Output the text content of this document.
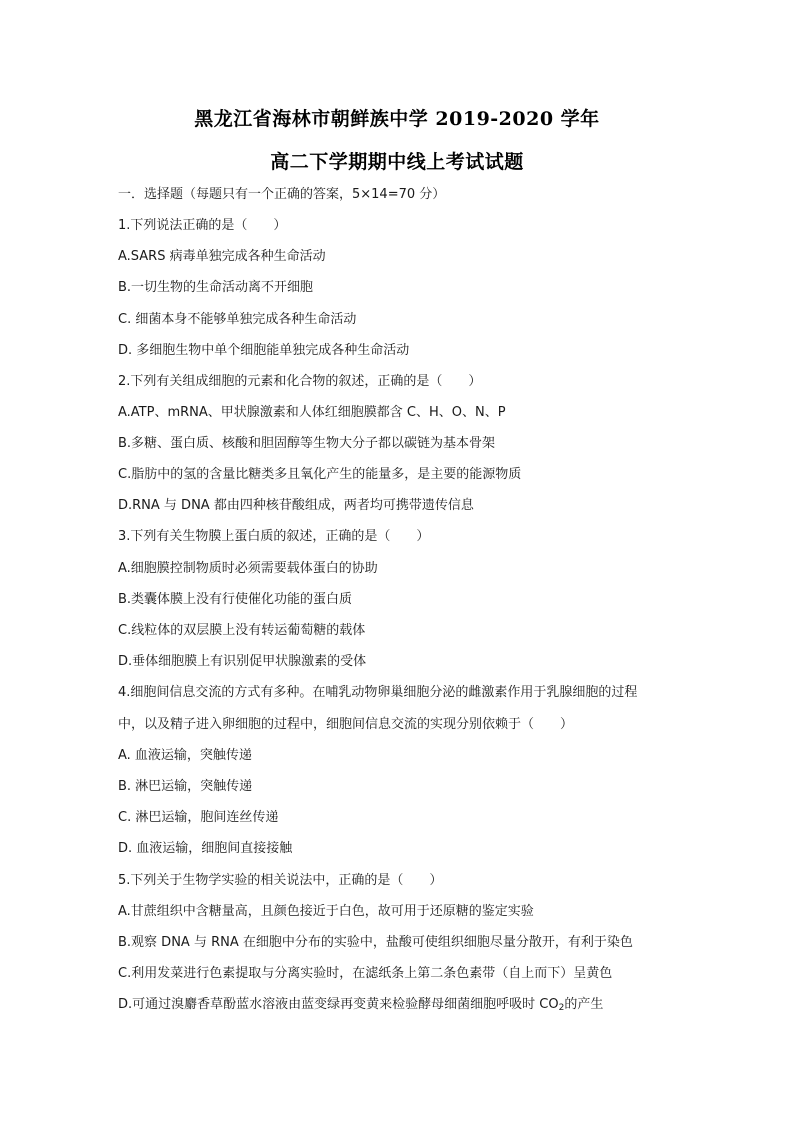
黑龙江省海林市朝鲜族中学 2019-2020 学年
高二下学期期中线上考试试题
一．选择题（每题只有一个正确的答案，5×14=70 分）
1.下列说法正确的是（　　）
A.SARS 病毒单独完成各种生命活动
B.一切生物的生命活动离不开细胞
C. 细菌本身不能够单独完成各种生命活动
D. 多细胞生物中单个细胞能单独完成各种生命活动
2.下列有关组成细胞的元素和化合物的叙述，正确的是（　　）
A.ATP、mRNA、甲状腺激素和人体红细胞膜都含 C、H、O、N、P
B.多糖、蛋白质、核酸和胆固醇等生物大分子都以碳链为基本骨架
C.脂肪中的氢的含量比糖类多且氧化产生的能量多，是主要的能源物质
D.RNA 与 DNA 都由四种核苷酸组成，两者均可携带遗传信息
3.下列有关生物膜上蛋白质的叙述，正确的是（　　）
A.细胞膜控制物质时必须需要载体蛋白的协助
B.类囊体膜上没有行使催化功能的蛋白质
C.线粒体的双层膜上没有转运葡萄糖的载体
D.垂体细胞膜上有识别促甲状腺激素的受体
4.细胞间信息交流的方式有多种。在哺乳动物卵巢细胞分泌的雌激素作用于乳腺细胞的过程
中，以及精子进入卵细胞的过程中，细胞间信息交流的实现分别依赖于（　　）
A. 血液运输，突触传递
B. 淋巴运输，突触传递
C. 淋巴运输，胞间连丝传递
D. 血液运输，细胞间直接接触
5.下列关于生物学实验的相关说法中，正确的是（　　）
A.甘蔗组织中含糖量高，且颜色接近于白色，故可用于还原糖的鉴定实验
B.观察 DNA 与 RNA 在细胞中分布的实验中，盐酸可使组织细胞尽量分散开，有利于染色
C.利用发菜进行色素提取与分离实验时，在滤纸条上第二条色素带（自上而下）呈黄色
D.可通过溴麝香草酚蓝水溶液由蓝变绿再变黄来检验酵母细菌细胞呼吸时 $CO_2$的产生
